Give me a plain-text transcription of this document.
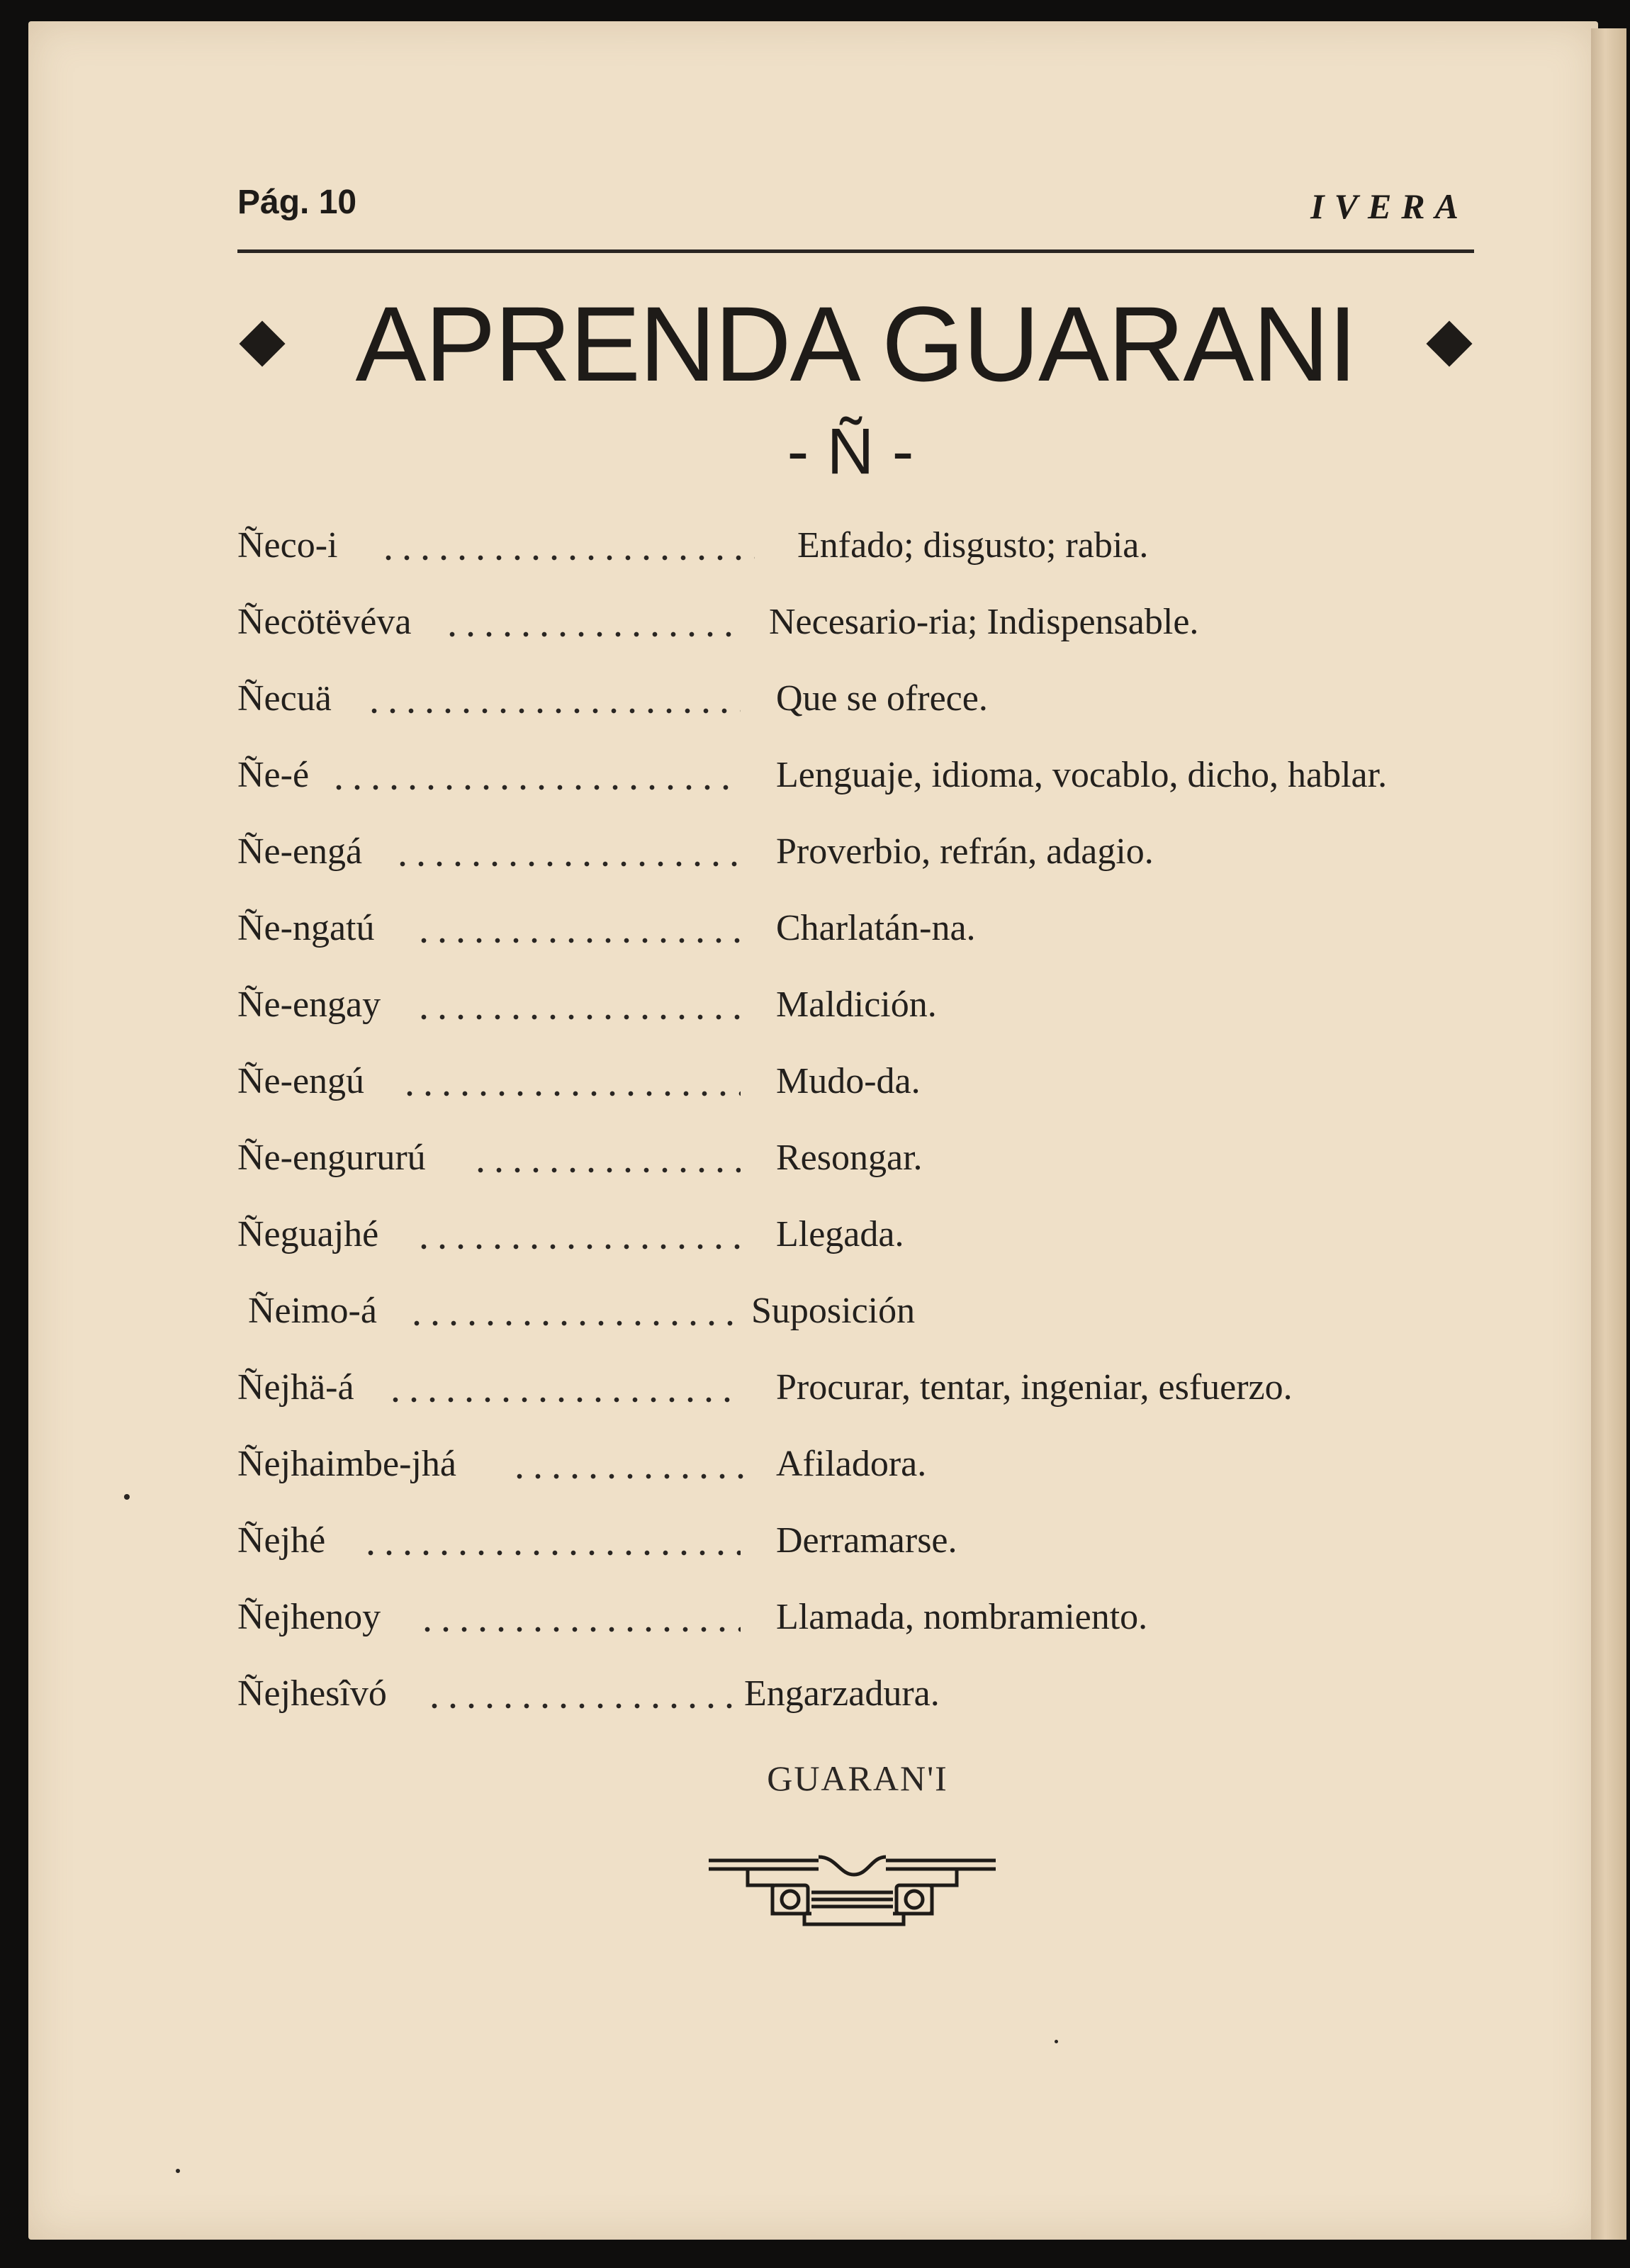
Pág. 10	IVERA
APRENDA GUARANI
- Ñ -
Ñeco-i	Enfado; disgusto; rabia.
Ñecötëvéva	Necesario-ria; Indispensable.
Ñecuä	Que se ofrece.
Ñe-é	Lenguaje, idioma, vocablo, dicho, hablar.
Ñe-engá	Proverbio, refrán, adagio.
Ñe-ngatú	Charlatán-na.
Ñe-engay	Maldición.
Ñe-engú	Mudo-da.
Ñe-engururú	Resongar.
Ñeguajhé	Llegada.
Ñeimo-á	Suposición
Ñejhä-á	Procurar, tentar, ingeniar, esfuerzo.
Ñejhaimbe-jhá	Afiladora.
Ñejhé	Derramarse.
Ñejhenoy	Llamada, nombramiento.
Ñejhesîvó	Engarzadura.
GUARAN'I
